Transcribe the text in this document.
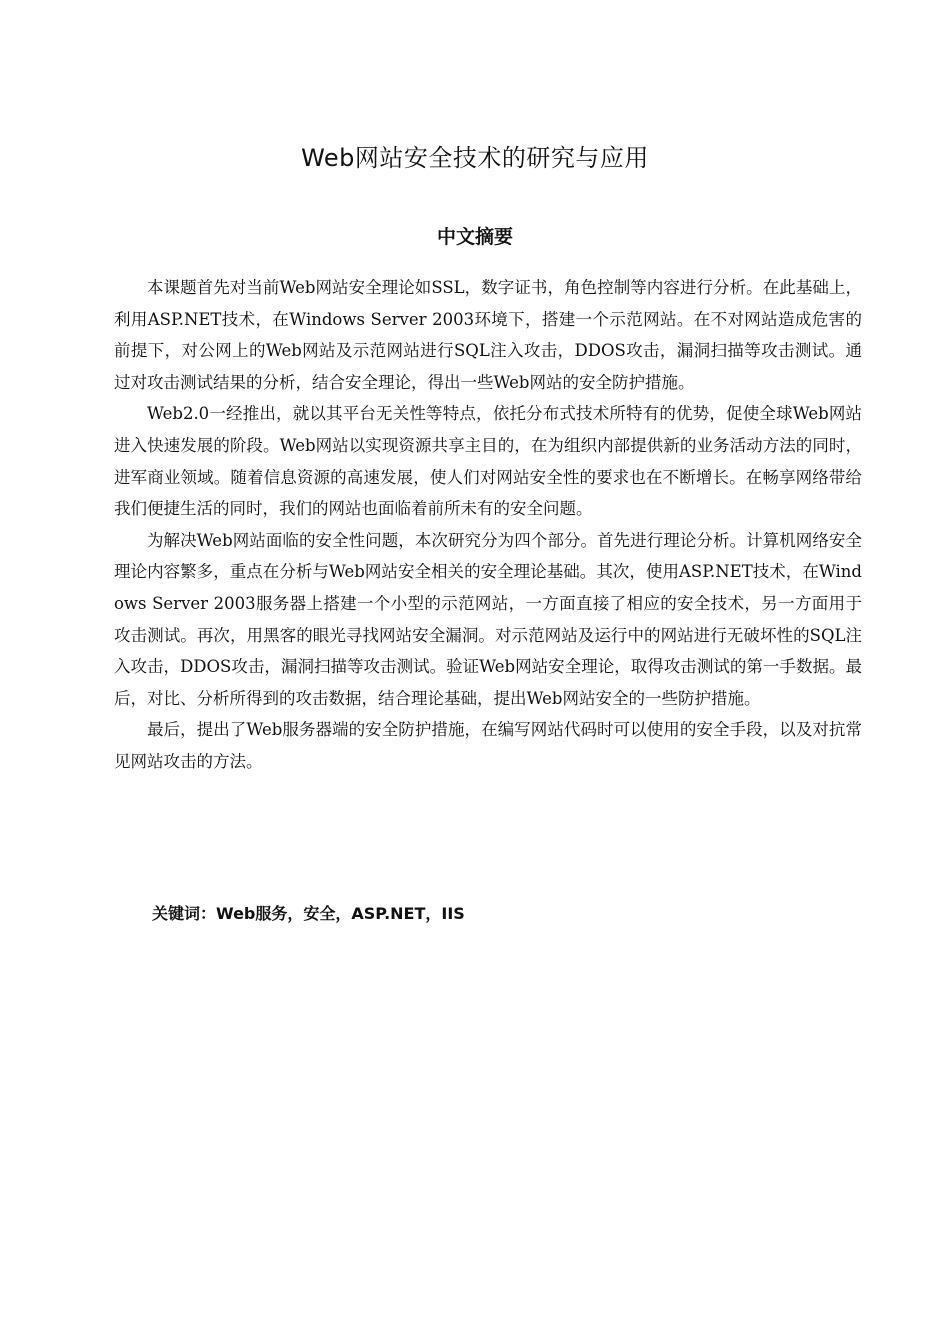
Web网站安全技术的研究与应用
中文摘要

本课题首先对当前Web网站安全理论如SSL，数字证书，角色控制等内容进行分析。在此基础上，利用ASP.NET技术，在Windows Server 2003环境下，搭建一个示范网站。在不对网站造成危害的前提下，对公网上的Web网站及示范网站进行SQL注入攻击，DDOS攻击，漏洞扫描等攻击测试。通过对攻击测试结果的分析，结合安全理论，得出一些Web网站的安全防护措施。

Web2.0一经推出，就以其平台无关性等特点，依托分布式技术所特有的优势，促使全球Web网站进入快速发展的阶段。Web网站以实现资源共享主目的，在为组织内部提供新的业务活动方法的同时，进军商业领域。随着信息资源的高速发展，使人们对网站安全性的要求也在不断增长。在畅享网络带给我们便捷生活的同时，我们的网站也面临着前所未有的安全问题。

为解决Web网站面临的安全性问题，本次研究分为四个部分。首先进行理论分析。计算机网络安全理论内容繁多，重点在分析与Web网站安全相关的安全理论基础。其次，使用ASP.NET技术，在Windows Server 2003服务器上搭建一个小型的示范网站，一方面直接了相应的安全技术，另一方面用于攻击测试。再次，用黑客的眼光寻找网站安全漏洞。对示范网站及运行中的网站进行无破坏性的SQL注入攻击，DDOS攻击，漏洞扫描等攻击测试。验证Web网站安全理论，取得攻击测试的第一手数据。最后，对比、分析所得到的攻击数据，结合理论基础，提出Web网站安全的一些防护措施。

最后，提出了Web服务器端的安全防护措施，在编写网站代码时可以使用的安全手段，以及对抗常见网站攻击的方法。

关键词：Web服务，安全，ASP.NET，IIS
